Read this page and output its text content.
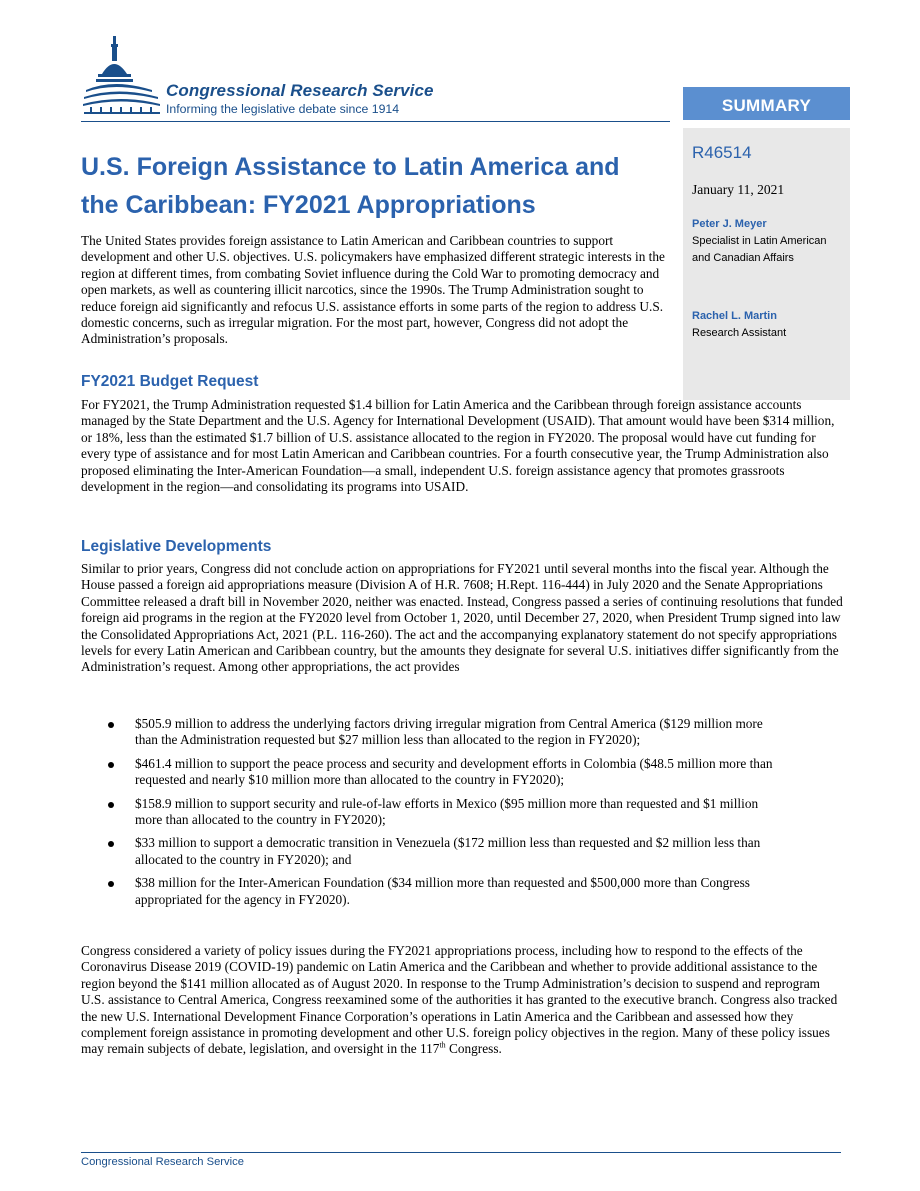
Congressional Research Service
Informing the legislative debate since 1914	SUMMARY
R46514
January 11, 2021
Peter J. Meyer
Specialist in Latin American and Canadian Affairs
Rachel L. Martin
Research Assistant
U.S. Foreign Assistance to Latin America and the Caribbean: FY2021 Appropriations

The United States provides foreign assistance to Latin American and Caribbean countries to support development and other U.S. objectives. U.S. policymakers have emphasized different strategic interests in the region at different times, from combating Soviet influence during the Cold War to promoting democracy and open markets, as well as countering illicit narcotics, since the 1990s. The Trump Administration sought to reduce foreign aid significantly and refocus U.S. assistance efforts in some parts of the region to address U.S. domestic concerns, such as irregular migration. For the most part, however, Congress did not adopt the Administration’s proposals.

FY2021 Budget Request

For FY2021, the Trump Administration requested $1.4 billion for Latin America and the Caribbean through foreign assistance accounts managed by the State Department and the U.S. Agency for International Development (USAID). That amount would have been $314 million, or 18%, less than the estimated $1.7 billion of U.S. assistance allocated to the region in FY2020. The proposal would have cut funding for every type of assistance and for most Latin American and Caribbean countries. For a fourth consecutive year, the Trump Administration also proposed eliminating the Inter-American Foundation—a small, independent U.S. foreign assistance agency that promotes grassroots development in the region—and consolidating its programs into USAID.

Legislative Developments

Similar to prior years, Congress did not conclude action on appropriations for FY2021 until several months into the fiscal year. Although the House passed a foreign aid appropriations measure (Division A of H.R. 7608; H.Rept. 116-444) in July 2020 and the Senate Appropriations Committee released a draft bill in November 2020, neither was enacted. Instead, Congress passed a series of continuing resolutions that funded foreign aid programs in the region at the FY2020 level from October 1, 2020, until December 27, 2020, when President Trump signed into law the Consolidated Appropriations Act, 2021 (P.L. 116-260). The act and the accompanying explanatory statement do not specify appropriations levels for every Latin American and Caribbean country, but the amounts they designate for several U.S. initiatives differ significantly from the Administration’s request. Among other appropriations, the act provides

$505.9 million to address the underlying factors driving irregular migration from Central America ($129 million more than the Administration requested but $27 million less than allocated to the region in FY2020);
$461.4 million to support the peace process and security and development efforts in Colombia ($48.5 million more than requested and nearly $10 million more than allocated to the country in FY2020);
$158.9 million to support security and rule-of-law efforts in Mexico ($95 million more than requested and $1 million more than allocated to the country in FY2020);
$33 million to support a democratic transition in Venezuela ($172 million less than requested and $2 million less than allocated to the country in FY2020); and
$38 million for the Inter-American Foundation ($34 million more than requested and $500,000 more than Congress appropriated for the agency in FY2020).

Congress considered a variety of policy issues during the FY2021 appropriations process, including how to respond to the effects of the Coronavirus Disease 2019 (COVID-19) pandemic on Latin America and the Caribbean and whether to provide additional assistance to the region beyond the $141 million allocated as of August 2020. In response to the Trump Administration’s decision to suspend and reprogram U.S. assistance to Central America, Congress reexamined some of the authorities it has granted to the executive branch. Congress also tracked the new U.S. International Development Finance Corporation’s operations in Latin America and the Caribbean and assessed how they complement foreign assistance in promoting development and other U.S. foreign policy objectives in the region. Many of these policy issues may remain subjects of debate, legislation, and oversight in the 117th Congress.

Congressional Research Service
